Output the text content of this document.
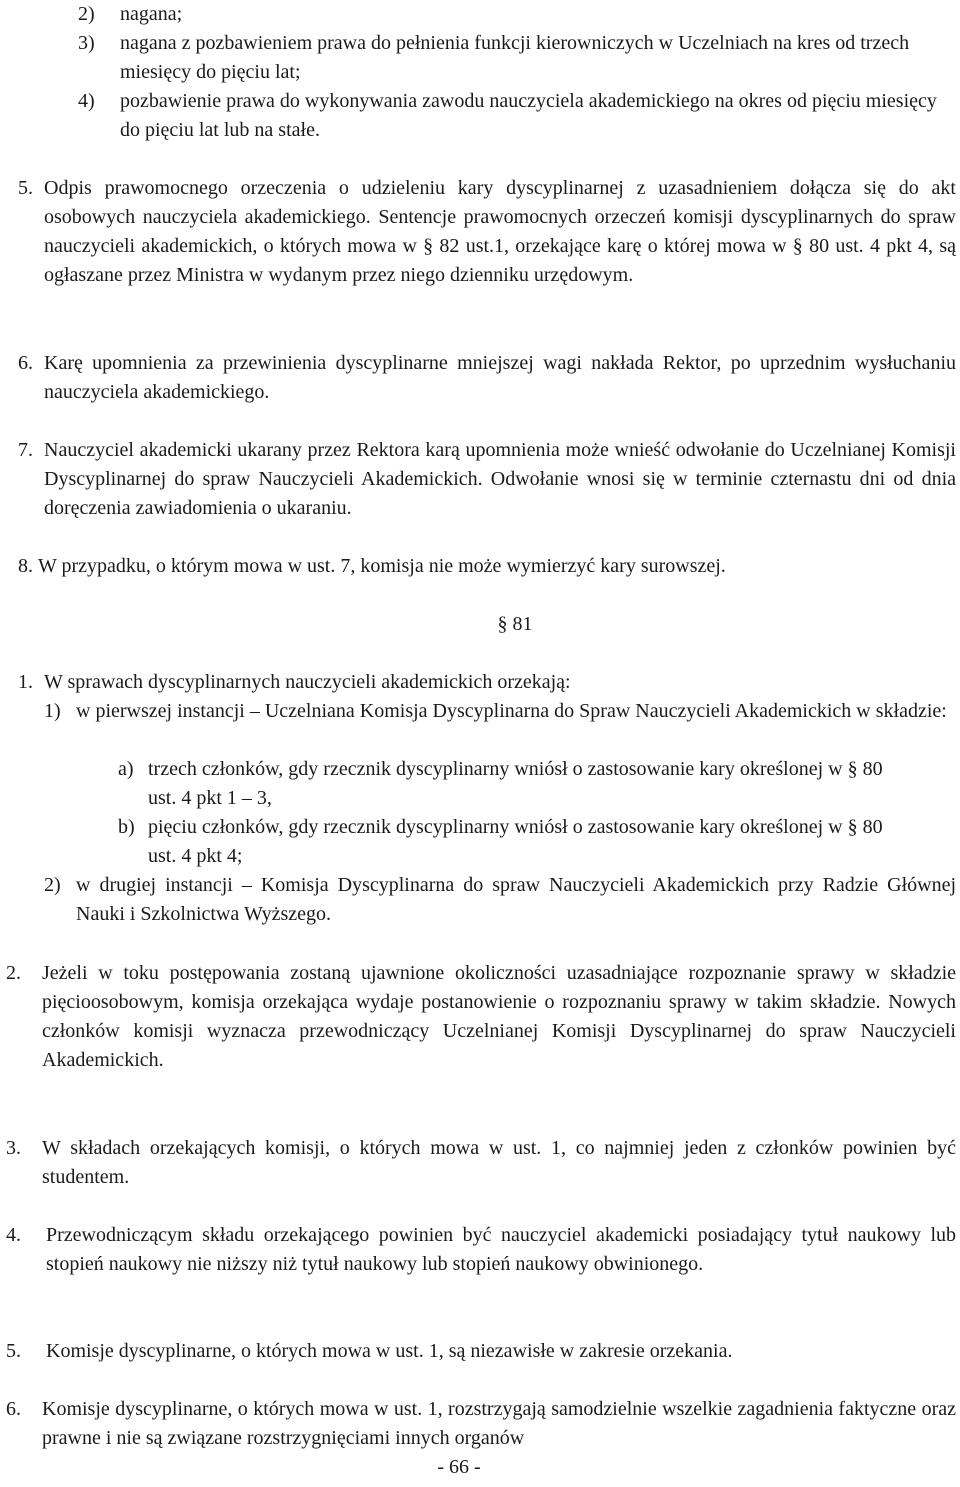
2)	nagana;
3)	nagana z pozbawieniem prawa do pełnienia funkcji kierowniczych w Uczelniach na kres od trzech miesięcy do pięciu lat;
4)	pozbawienie prawa do wykonywania zawodu nauczyciela akademickiego na okres od pięciu miesięcy do pięciu lat lub na stałe.
5. Odpis prawomocnego orzeczenia o udzieleniu kary dyscyplinarnej z uzasadnieniem dołącza się do akt osobowych nauczyciela akademickiego. Sentencje prawomocnych orzeczeń komisji dyscyplinarnych do spraw nauczycieli akademickich, o których mowa w § 82 ust.1, orzekające karę o której mowa w § 80 ust. 4 pkt 4, są ogłaszane przez Ministra w wydanym przez niego dzienniku urzędowym.
6. Karę upomnienia za przewinienia dyscyplinarne mniejszej wagi nakłada Rektor, po uprzednim wysłuchaniu nauczyciela akademickiego.
7. Nauczyciel akademicki ukarany przez Rektora karą upomnienia może wnieść odwołanie do Uczelnianej Komisji Dyscyplinarnej do spraw Nauczycieli Akademickich. Odwołanie wnosi się w terminie czternastu dni od dnia doręczenia zawiadomienia o ukaraniu.
8. W przypadku, o którym mowa w ust. 7, komisja nie może wymierzyć kary surowszej.
§ 81
1. W sprawach dyscyplinarnych nauczycieli akademickich orzekają:
1) w pierwszej instancji – Uczelniana Komisja Dyscyplinarna do Spraw Nauczycieli Akademickich w składzie:
a) trzech członków, gdy rzecznik dyscyplinarny wniósł o zastosowanie kary określonej w § 80 ust. 4 pkt 1 – 3,
b) pięciu członków, gdy rzecznik dyscyplinarny wniósł o zastosowanie kary określonej w § 80 ust. 4 pkt 4;
2) w drugiej instancji – Komisja Dyscyplinarna do spraw Nauczycieli Akademickich przy Radzie Głównej Nauki i Szkolnictwa Wyższego.
2.	Jeżeli w toku postępowania zostaną ujawnione okoliczności uzasadniające rozpoznanie sprawy w składzie pięcioosobowym, komisja orzekająca wydaje postanowienie o rozpoznaniu sprawy w takim składzie. Nowych członków komisji wyznacza przewodniczący Uczelnianej Komisji Dyscyplinarnej do spraw Nauczycieli Akademickich.
3.	W składach orzekających komisji, o których mowa w ust. 1, co najmniej jeden z członków powinien być studentem.
4.	Przewodniczącym składu orzekającego powinien być nauczyciel akademicki posiadający tytuł naukowy lub stopień naukowy nie niższy niż tytuł naukowy lub stopień naukowy obwinionego.
5.	Komisje dyscyplinarne, o których mowa w ust. 1, są niezawisłe w zakresie orzekania.
6.	Komisje dyscyplinarne, o których mowa w ust. 1, rozstrzygają samodzielnie wszelkie zagadnienia faktyczne oraz prawne i nie są związane rozstrzygnięciami innych organów
- 66 -
